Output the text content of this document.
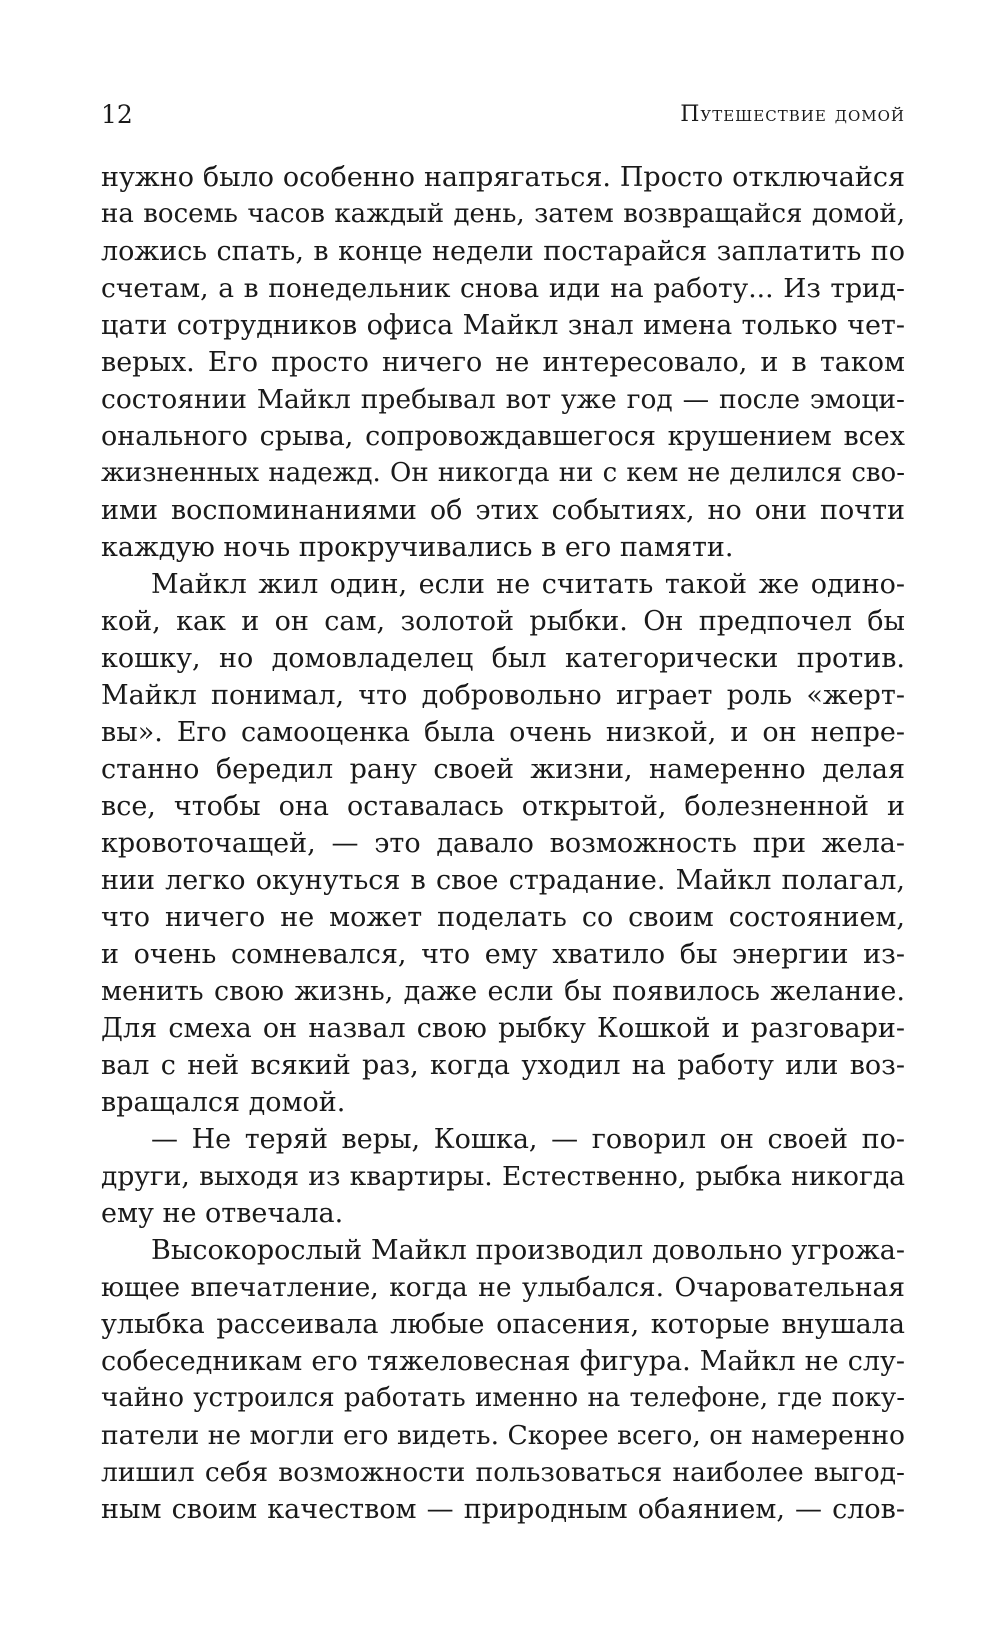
12	Путешествие домой
нужно было особенно напрягаться. Просто отключайся
на восемь часов каждый день, затем возвращайся домой,
ложись спать, в конце недели постарайся заплатить по
счетам, а в понедельник снова иди на работу... Из трид-
цати сотрудников офиса Майкл знал имена только чет-
верых. Его просто ничего не интересовало, и в таком
состоянии Майкл пребывал вот уже год — после эмоци-
онального срыва, сопровождавшегося крушением всех
жизненных надежд. Он никогда ни с кем не делился сво-
ими воспоминаниями об этих событиях, но они почти
каждую ночь прокручивались в его памяти.
Майкл жил один, если не считать такой же одино-
кой, как и он сам, золотой рыбки. Он предпочел бы
кошку, но домовладелец был категорически против.
Майкл понимал, что добровольно играет роль «жерт-
вы». Его самооценка была очень низкой, и он непре-
станно бередил рану своей жизни, намеренно делая
все, чтобы она оставалась открытой, болезненной и
кровоточащей, — это давало возможность при жела-
нии легко окунуться в свое страдание. Майкл полагал,
что ничего не может поделать со своим состоянием,
и очень сомневался, что ему хватило бы энергии из-
менить свою жизнь, даже если бы появилось желание.
Для смеха он назвал свою рыбку Кошкой и разговари-
вал с ней всякий раз, когда уходил на работу или воз-
вращался домой.
— Не теряй веры, Кошка, — говорил он своей по-
други, выходя из квартиры. Естественно, рыбка никогда
ему не отвечала.
Высокорослый Майкл производил довольно угрожа-
ющее впечатление, когда не улыбался. Очаровательная
улыбка рассеивала любые опасения, которые внушала
собеседникам его тяжеловесная фигура. Майкл не слу-
чайно устроился работать именно на телефоне, где поку-
патели не могли его видеть. Скорее всего, он намеренно
лишил себя возможности пользоваться наиболее выгод-
ным своим качеством — природным обаянием, — слов-
